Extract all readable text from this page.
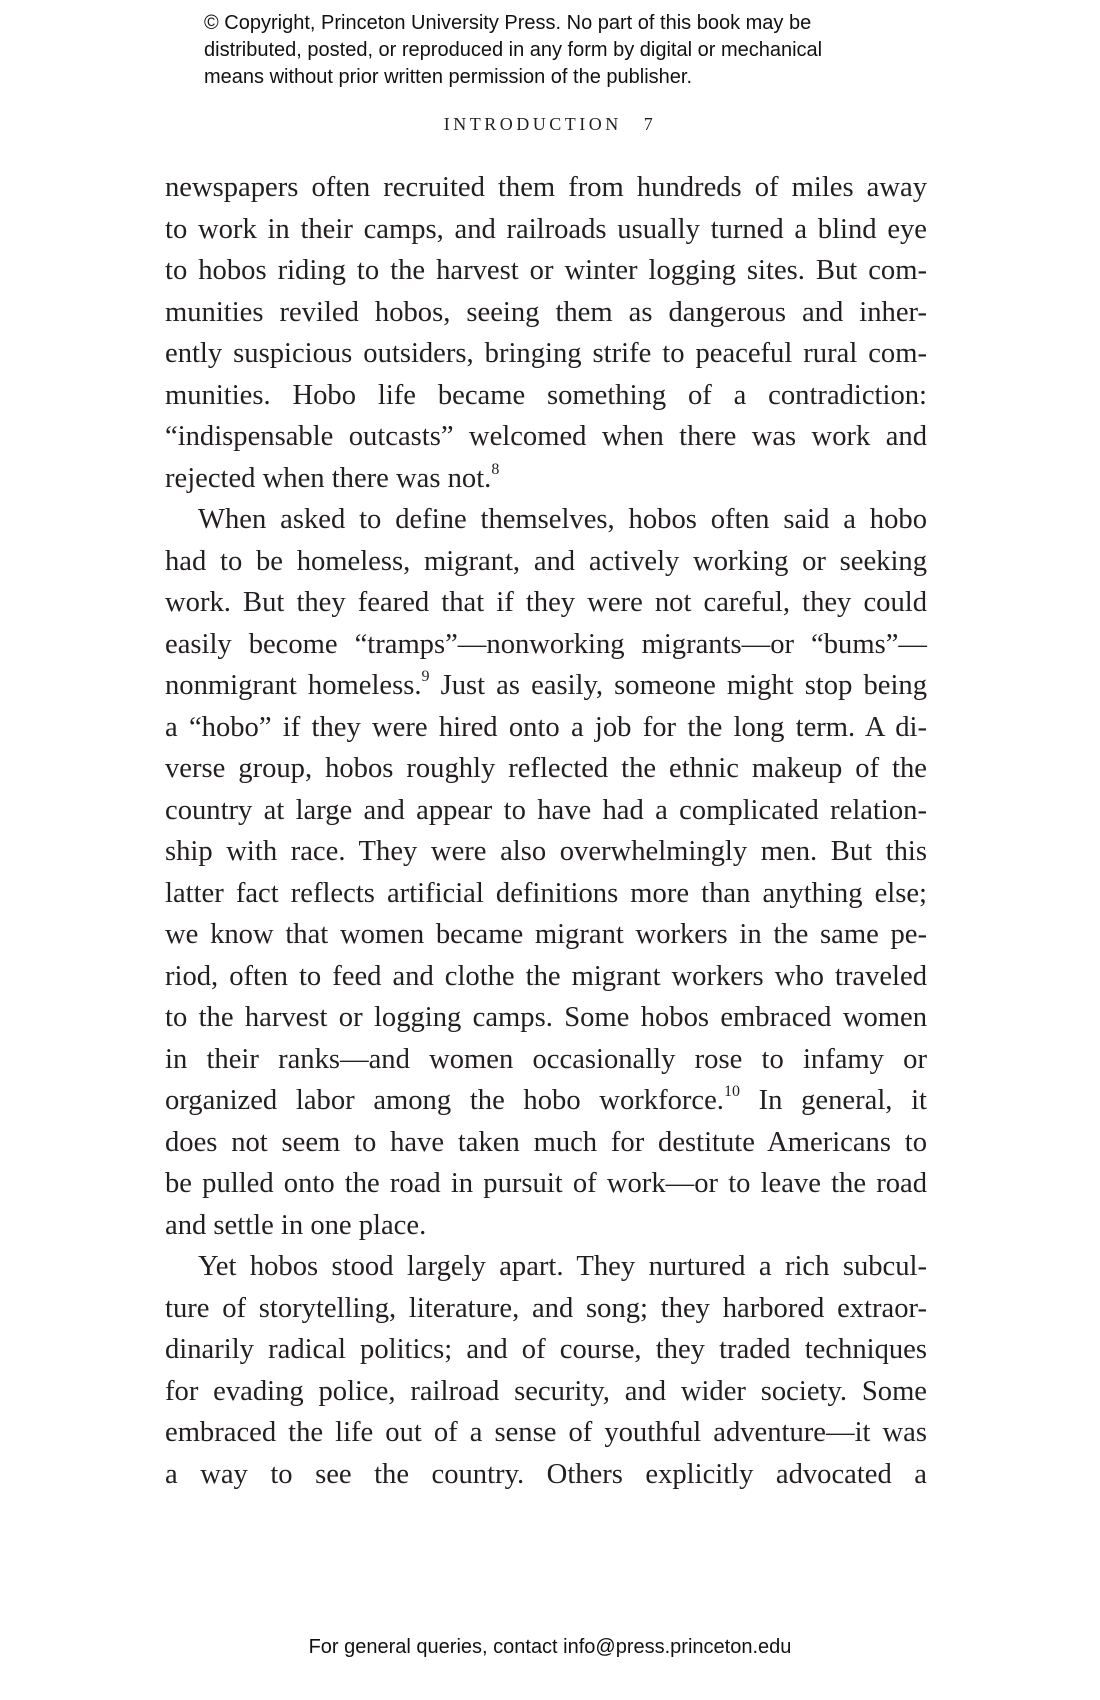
© Copyright, Princeton University Press. No part of this book may be
distributed, posted, or reproduced in any form by digital or mechanical
means without prior written permission of the publisher.
INTRODUCTION 7
newspapers often recruited them from hundreds of miles away
to work in their camps, and railroads usually turned a blind eye
to hobos riding to the harvest or winter logging sites. But com-
munities reviled hobos, seeing them as dangerous and inher-
ently suspicious outsiders, bringing strife to peaceful rural com-
munities. Hobo life became something of a contradiction:
“indispensable outcasts” welcomed when there was work and
rejected when there was not.$^8$
When asked to define themselves, hobos often said a hobo
had to be homeless, migrant, and actively working or seeking
work. But they feared that if they were not careful, they could
easily become “tramps”—nonworking migrants—or “bums”—
nonmigrant homeless.$^9$ Just as easily, someone might stop being
a “hobo” if they were hired onto a job for the long term. A di-
verse group, hobos roughly reflected the ethnic makeup of the
country at large and appear to have had a complicated relation-
ship with race. They were also overwhelmingly men. But this
latter fact reflects artificial definitions more than anything else;
we know that women became migrant workers in the same pe-
riod, often to feed and clothe the migrant workers who traveled
to the harvest or logging camps. Some hobos embraced women
in their ranks—and women occasionally rose to infamy or
organized labor among the hobo workforce.$^{10}$ In general, it
does not seem to have taken much for destitute Americans to
be pulled onto the road in pursuit of work—or to leave the road
and settle in one place.
Yet hobos stood largely apart. They nurtured a rich subcul-
ture of storytelling, literature, and song; they harbored extraor-
dinarily radical politics; and of course, they traded techniques
for evading police, railroad security, and wider society. Some
embraced the life out of a sense of youthful adventure—it was
a way to see the country. Others explicitly advocated a
For general queries, contact info@press.princeton.edu
